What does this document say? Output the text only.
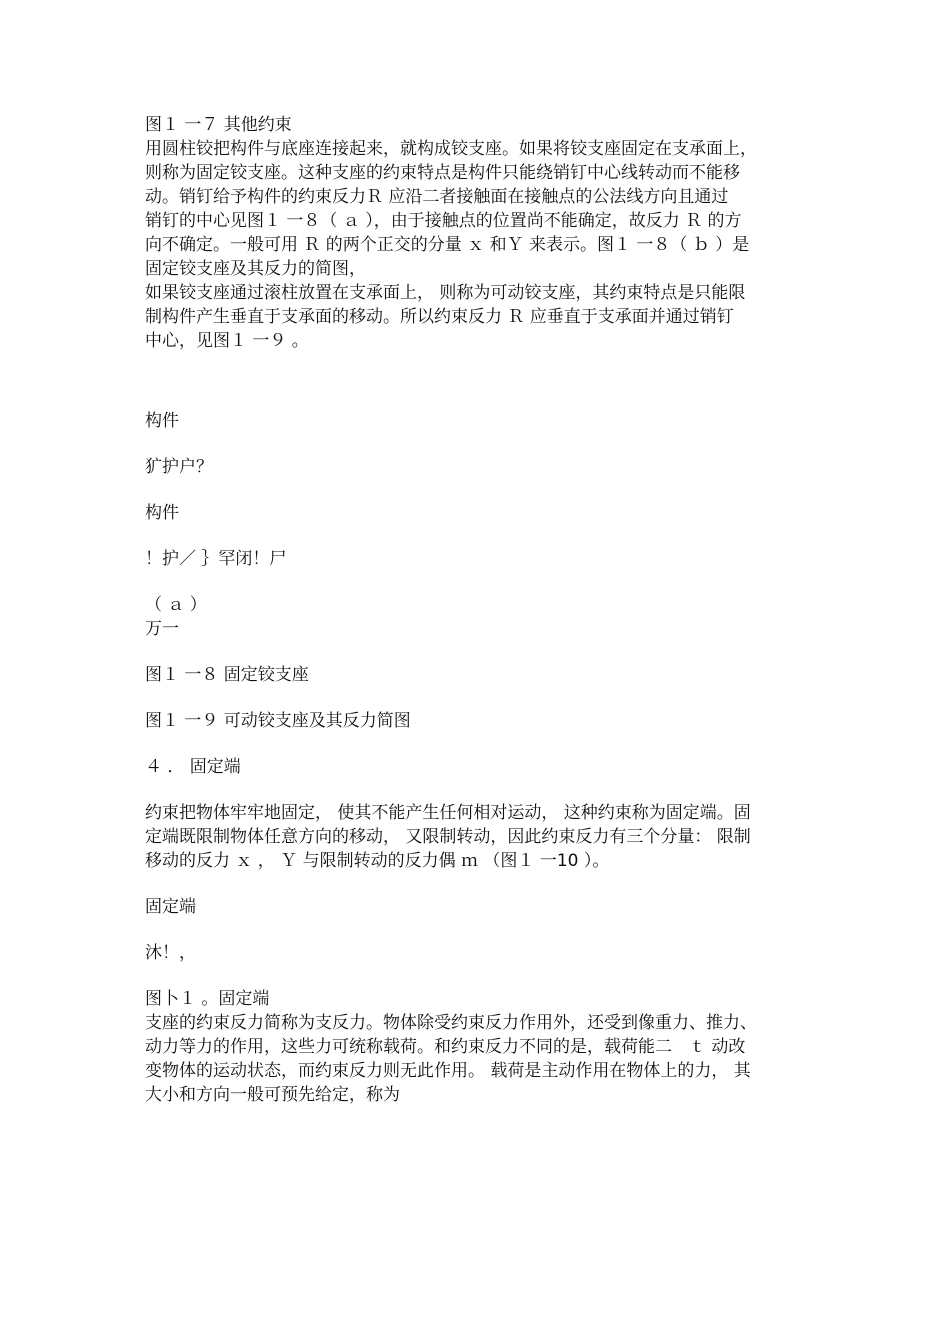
图１ 一７ 其他约束
用圆柱铰把构件与底座连接起来，就构成铰支座。如果将铰支座固定在支承面上，
则称为固定铰支座。这种支座的约束特点是构件只能绕销钉中心线转动而不能移
动。销钉给予构件的约束反力Ｒ 应沿二者接触面在接触点的公法线方向且通过
销钉的中心见图１ 一８（ ａ ），由于接触点的位置尚不能确定，故反力 Ｒ 的方
向不确定。一般可用 Ｒ 的两个正交的分量 ｘ 和Ｙ 来表示。图１ 一８（ ｂ ）是
固定铰支座及其反力的简图，
如果铰支座通过滚柱放置在支承面上， 则称为可动铰支座，其约束特点是只能限
制构件产生垂直于支承面的移动。所以约束反力 Ｒ 应垂直于支承面并通过销钉
中心，见图１ 一９ 。
构件
犷护户？
构件
！护／ ｝罕闭！尸
（ ａ ）
万一
图１ 一８ 固定铰支座
图１ 一９ 可动铰支座及其反力简图
４ ． 固定端
约束把物体牢牢地固定， 使其不能产生任何相对运动， 这种约束称为固定端。固
定端既限制物体任意方向的移动， 又限制转动，因此约束反力有三个分量： 限制
移动的反力 ｘ ， Ｙ 与限制转动的反力偶 ｍ （图１ 一10 ）。
固定端
沐！，
图卜１ 。固定端
支座的约束反力简称为支反力。物体除受约束反力作用外，还受到像重力、推力、
动力等力的作用，这些力可统称载荷。和约束反力不同的是，载荷能二　ｔ 动改
变物体的运动状态，而约束反力则无此作用。 载荷是主动作用在物体上的力， 其
大小和方向一般可预先给定，称为
